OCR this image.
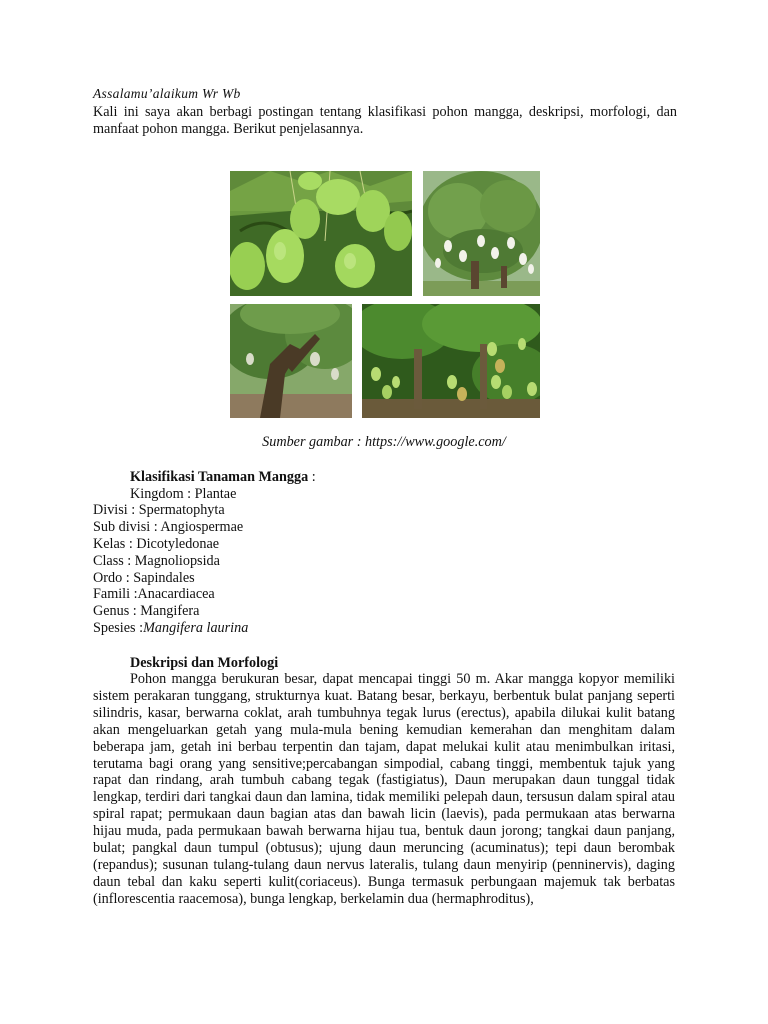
Assalamu’alaikum Wr Wb
Kali ini saya akan berbagi postingan tentang klasifikasi pohon mangga, deskripsi, morfologi, dan manfaat pohon mangga. Berikut penjelasannya.
Sumber gambar : https://www.google.com/
Klasifikasi Tanaman Mangga :
Kingdom : Plantae
Divisi : Spermatophyta
Sub divisi : Angiospermae
Kelas : Dicotyledonae
Class : Magnoliopsida
Ordo : Sapindales
Famili :Anacardiacea
Genus : Mangifera
Spesies :Mangifera laurina
Deskripsi dan Morfologi
Pohon mangga berukuran besar, dapat mencapai tinggi 50 m. Akar mangga kopyor memiliki sistem perakaran tunggang, strukturnya kuat. Batang besar, berkayu, berbentuk bulat panjang seperti silindris, kasar, berwarna coklat, arah tumbuhnya tegak lurus (erectus), apabila dilukai kulit batang akan mengeluarkan getah yang mula-mula bening kemudian kemerahan dan menghitam dalam beberapa jam, getah ini berbau terpentin dan tajam, dapat melukai kulit atau menimbulkan iritasi, terutama bagi orang yang sensitive;percabangan simpodial, cabang tinggi, membentuk tajuk yang rapat dan rindang, arah tumbuh cabang tegak (fastigiatus), Daun merupakan daun tunggal tidak lengkap, terdiri dari tangkai daun dan lamina, tidak memiliki pelepah daun, tersusun dalam spiral atau spiral rapat; permukaan daun bagian atas dan bawah licin (laevis), pada permukaan atas berwarna hijau muda, pada permukaan bawah berwarna hijau tua, bentuk daun jorong; tangkai daun panjang, bulat; pangkal daun tumpul (obtusus); ujung daun meruncing (acuminatus); tepi daun berombak (repandus); susunan tulang-tulang daun nervus lateralis, tulang daun menyirip (penninervis), daging daun tebal dan kaku seperti kulit(coriaceus). Bunga termasuk perbungaan majemuk tak berbatas (inflorescentia raacemosa), bunga lengkap, berkelamin dua (hermaphroditus),
